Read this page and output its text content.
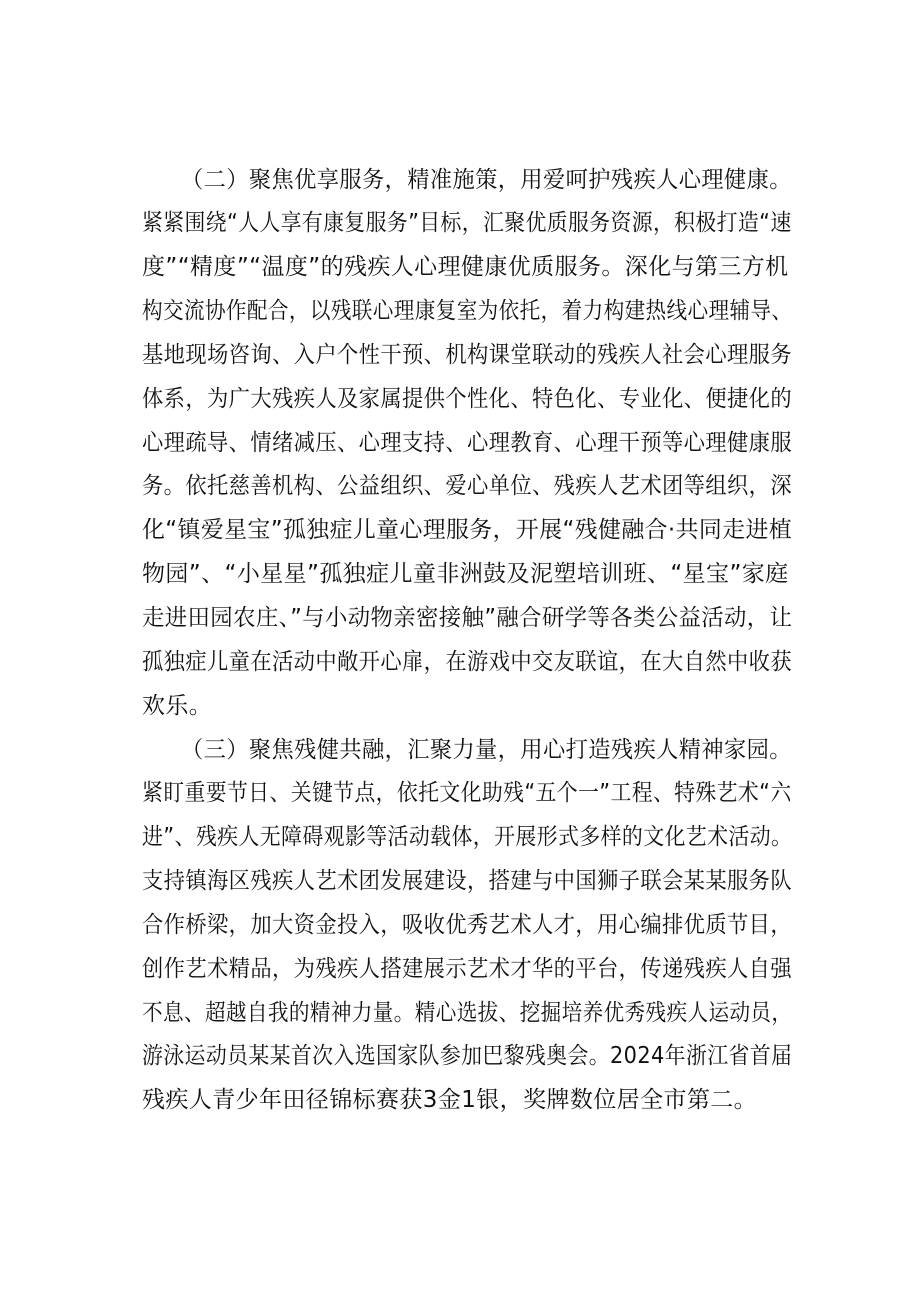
（二）聚焦优享服务，精准施策，用爱呵护残疾人心理健康。
紧紧围绕“人人享有康复服务”目标，汇聚优质服务资源，积极打造“速
度”“精度”“温度”的残疾人心理健康优质服务。深化与第三方机
构交流协作配合，以残联心理康复室为依托，着力构建热线心理辅导、
基地现场咨询、入户个性干预、机构课堂联动的残疾人社会心理服务
体系，为广大残疾人及家属提供个性化、特色化、专业化、便捷化的
心理疏导、情绪减压、心理支持、心理教育、心理干预等心理健康服
务。依托慈善机构、公益组织、爱心单位、残疾人艺术团等组织，深
化“镇爱星宝”孤独症儿童心理服务，开展“残健融合·共同走进植
物园”、“小星星”孤独症儿童非洲鼓及泥塑培训班、“星宝”家庭
走进田园农庄、”与小动物亲密接触”融合研学等各类公益活动，让
孤独症儿童在活动中敞开心扉，在游戏中交友联谊，在大自然中收获
欢乐。
（三）聚焦残健共融，汇聚力量，用心打造残疾人精神家园。
紧盯重要节日、关键节点，依托文化助残“五个一”工程、特殊艺术“六
进”、残疾人无障碍观影等活动载体，开展形式多样的文化艺术活动。
支持镇海区残疾人艺术团发展建设，搭建与中国狮子联会某某服务队
合作桥梁，加大资金投入，吸收优秀艺术人才，用心编排优质节目，
创作艺术精品，为残疾人搭建展示艺术才华的平台，传递残疾人自强
不息、超越自我的精神力量。精心选拔、挖掘培养优秀残疾人运动员，
游泳运动员某某首次入选国家队参加巴黎残奥会。2024年浙江省首届
残疾人青少年田径锦标赛获3金1银，奖牌数位居全市第二。
